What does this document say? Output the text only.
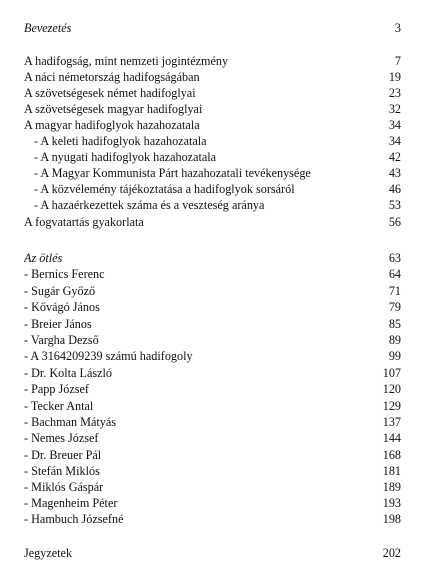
Bevezetés	3
A hadifogság, mint nemzeti jogintézmény	7
A náci németország hadifogságában	19
A szövetségesek német hadifoglyai	23
A szövetségesek magyar hadifoglyai	32
A magyar hadifoglyok hazahozatala	34
- A keleti hadifoglyok hazahozatala	34
- A nyugati hadifoglyok hazahozatala	42
- A Magyar Kommunista Párt hazahozatali tevékenysége	43
- A közvélemény tájékoztatása a hadifoglyok sorsáról	46
- A hazaérkezettek száma és a veszteség aránya	53
A fogvatartás gyakorlata	56
Az ötlés	63
- Bernics Ferenc	64
- Sugár Győző	71
- Kővágó János	79
- Breier János	85
- Vargha Dezső	89
- A 3164209239 számú hadifogoly	99
- Dr. Kolta László	107
- Papp József	120
- Tecker Antal	129
- Bachman Mátyás	137
- Nemes József	144
- Dr. Breuer Pál	168
- Stefán Miklós	181
- Miklós Gáspár	189
- Magenheim Péter	193
- Hambuch Józsefné	198
Jegyzetek	202
